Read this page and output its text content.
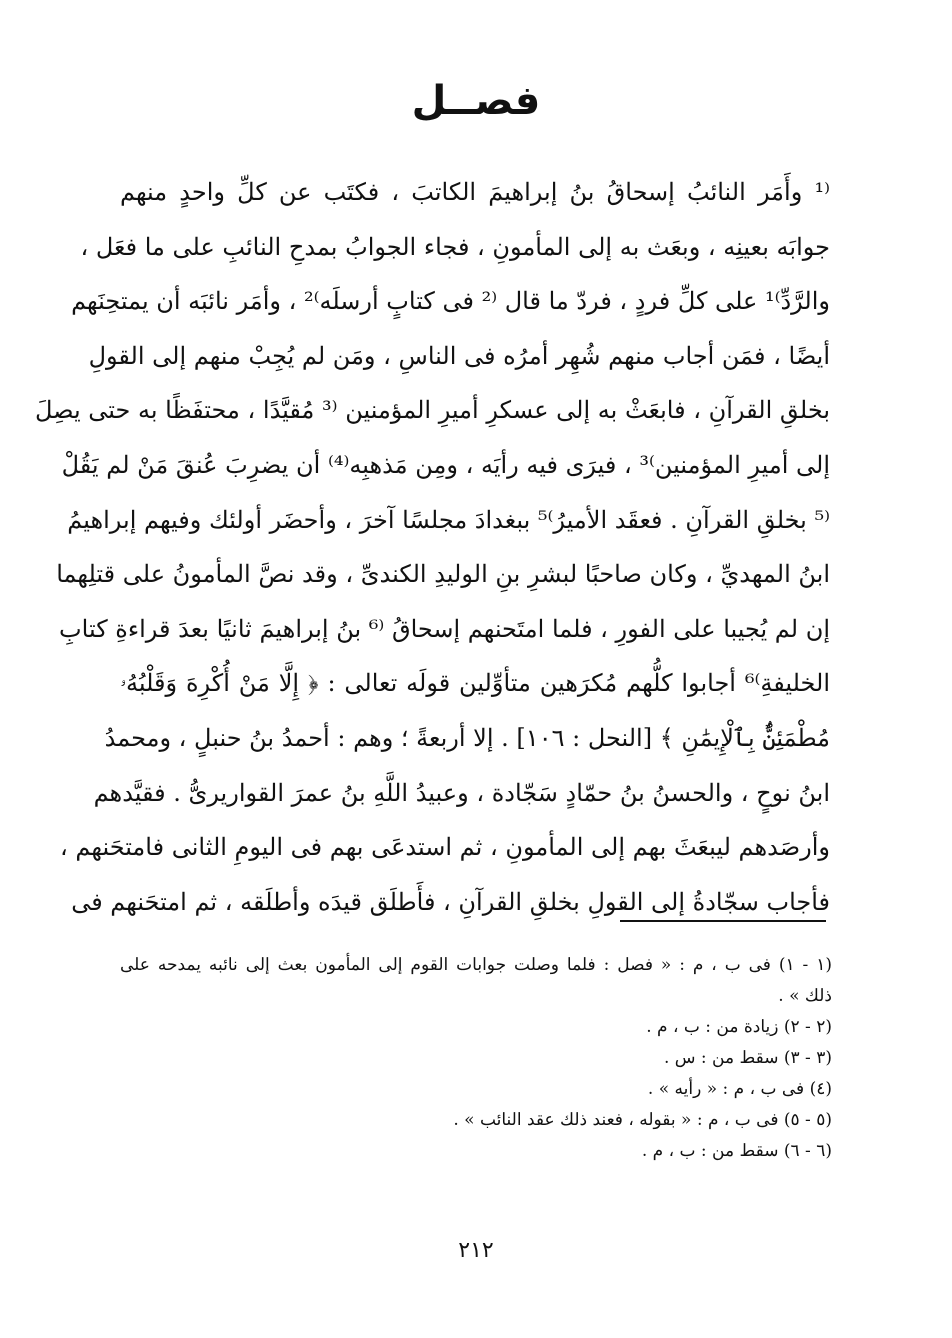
فصــل
⁽¹ وأَمَر النائبُ إسحاقُ بنُ إبراهيمَ الكاتبَ ، فكتَب عن كلِّ واحدٍ منهم
جوابَه بعينِه ، وبعَث به إلى المأمونِ ، فجاء الجوابُ بمدحِ النائبِ على ما فعَل ،
والرَّدِّ⁾¹ على كلِّ فردٍ ، فردّ ما قال ⁽² فى كتابٍ أرسلَه⁾² ، وأمَر نائبَه أن يمتحِنَهم
أيضًا ، فمَن أجاب منهم شُهِر أمرُه فى الناسِ ، ومَن لم يُجِبْ منهم إلى القولِ
بخلقِ القرآنِ ، فابعَثْ به إلى عسكرِ أميرِ المؤمنين ⁽³ مُقيَّدًا ، محتفَظًا به حتى يصِلَ
إلى أميرِ المؤمنين⁾³ ، فيرَى فيه رأيَه ، ومِن مَذهبِه⁽⁴⁾ أن يضرِبَ عُنقَ مَنْ لم يَقُلْ
⁽⁵ بخلقِ القرآنِ . فعقَد الأميرُ⁾⁵ ببغدادَ مجلسًا آخرَ ، وأحضَر أولئك وفيهم إبراهيمُ
ابنُ المهديِّ ، وكان صاحبًا لبشرِ بنِ الوليدِ الكندىِّ ، وقد نصَّ المأمونُ على قتلِهما
إن لم يُجيبا على الفورِ ، فلما امتَحنهم إسحاقُ ⁽⁶ بنُ إبراهيمَ ثانيًا بعدَ قراءةِ كتابِ
الخليفةِ⁾⁶ أجابوا كلُّهم مُكرَهين متأوِّلين قولَه تعالى : ﴿ إِلَّا مَنْ أُكْرِهَ وَقَلْبُهُۥ
مُطْمَئِنٌّۢ بِٱلْإِيمَٰنِ ﴾ [النحل : ١٠٦] . إلا أربعةً ؛ وهم : أحمدُ بنُ حنبلٍ ، ومحمدُ
ابنُ نوحٍ ، والحسنُ بنُ حمّادٍ سَجّادة ، وعبيدُ اللَّهِ بنُ عمرَ القواريرىُّ . فقيَّدهم
وأرصَدهم ليبعَثَ بهم إلى المأمونِ ، ثم استدعَى بهم فى اليومِ الثانى فامتحَنهم ،
فأجاب سجّادةُ إلى القولِ بخلقِ القرآنِ ، فأَطلَق قيدَه وأطلَقه ، ثم امتحَنهم فى
(١ - ١) فى ب ، م : « فصل : فلما وصلت جوابات القوم إلى المأمون بعث إلى نائبه يمدحه على
ذلك » .
(٢ - ٢) زيادة من : ب ، م .
(٣ - ٣) سقط من : س .
(٤) فى ب ، م : « رأيه » .
(٥ - ٥) فى ب ، م : « بقوله ، فعند ذلك عقد النائب » .
(٦ - ٦) سقط من : ب ، م .
٢١٢
